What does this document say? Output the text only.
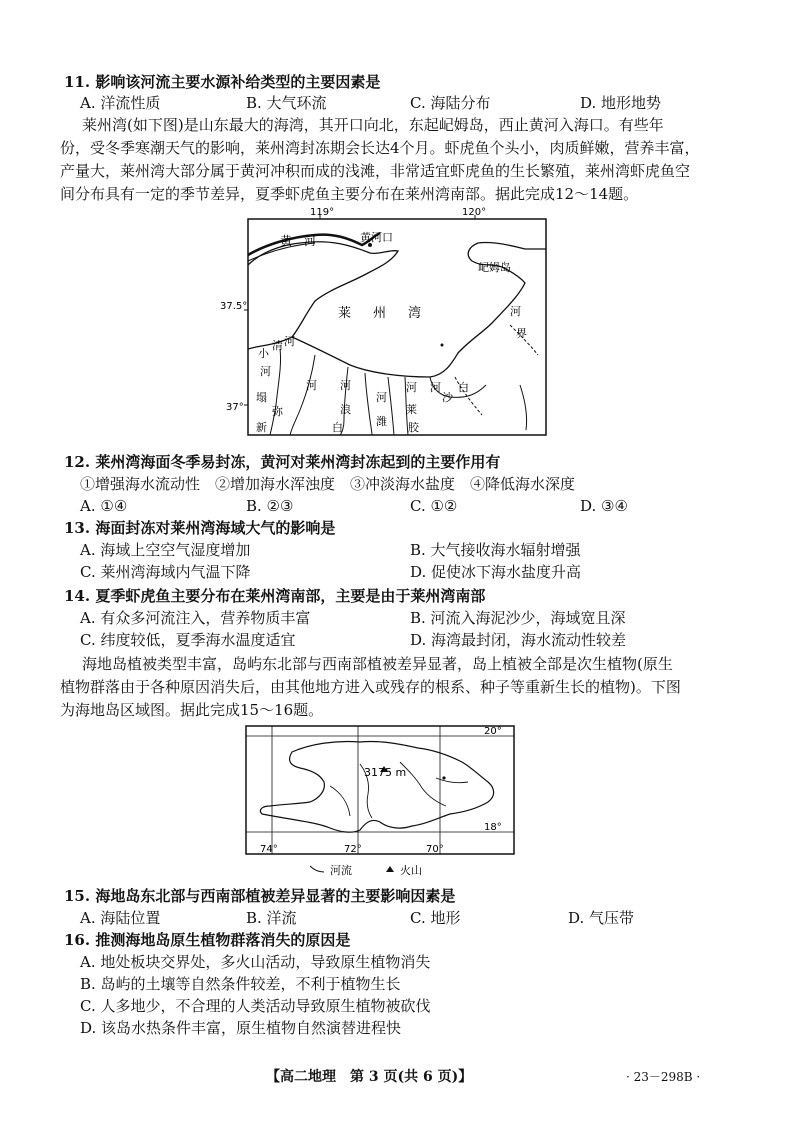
11. 影响该河流主要水源补给类型的主要因素是
A. 洋流性质	B. 大气环流	C. 海陆分布	D. 地形地势
莱州湾(如下图)是山东最大的海湾，其开口向北，东起屺姆岛，西止黄河入海口。有些年
份，受冬季寒潮天气的影响，莱州湾封冻期会长达4个月。虾虎鱼个头小，肉质鲜嫩，营养丰富，
产量大，莱州湾大部分属于黄河冲积而成的浅滩，非常适宜虾虎鱼的生长繁殖，莱州湾虾虎鱼空
间分布具有一定的季节差异，夏季虾虎鱼主要分布在莱州湾南部。据此完成12～14题。
119°	120°
37.5°
37°
黄　河	黄河口
屺姆岛
莱 州 湾	河
界
小
清 河
河
塌
河
弥
新
河
浪
白
河
潍
河
莱
胶
河
沙
白
12. 莱州湾海面冬季易封冻，黄河对莱州湾封冻起到的主要作用有
①增强海水流动性　②增加海水浑浊度　③冲淡海水盐度　④降低海水深度
A. ①④	B. ②③	C. ①②	D. ③④
13. 海面封冻对莱州湾海域大气的影响是
A. 海域上空空气湿度增加	B. 大气接收海水辐射增强
C. 莱州湾海域内气温下降	D. 促使冰下海水盐度升高
14. 夏季虾虎鱼主要分布在莱州湾南部，主要是由于莱州湾南部
A. 有众多河流注入，营养物质丰富	B. 河流入海泥沙少，海域宽且深
C. 纬度较低，夏季海水温度适宜	D. 海湾最封闭，海水流动性较差
海地岛植被类型丰富，岛屿东北部与西南部植被差异显著，岛上植被全部是次生植物(原生
植物群落由于各种原因消失后，由其他地方进入或残存的根系、种子等重新生长的植物)。下图
为海地岛区域图。据此完成15～16题。
3175 m
20°
18°
74°	72°	70°
河流	火山
15. 海地岛东北部与西南部植被差异显著的主要影响因素是
A. 海陆位置	B. 洋流	C. 地形	D. 气压带
16. 推测海地岛原生植物群落消失的原因是
A. 地处板块交界处，多火山活动，导致原生植物消失
B. 岛屿的土壤等自然条件较差，不利于植物生长
C. 人多地少，不合理的人类活动导致原生植物被砍伐
D. 该岛水热条件丰富，原生植物自然演替进程快
【高二地理　第 3 页(共 6 页)】	· 23－298B ·
